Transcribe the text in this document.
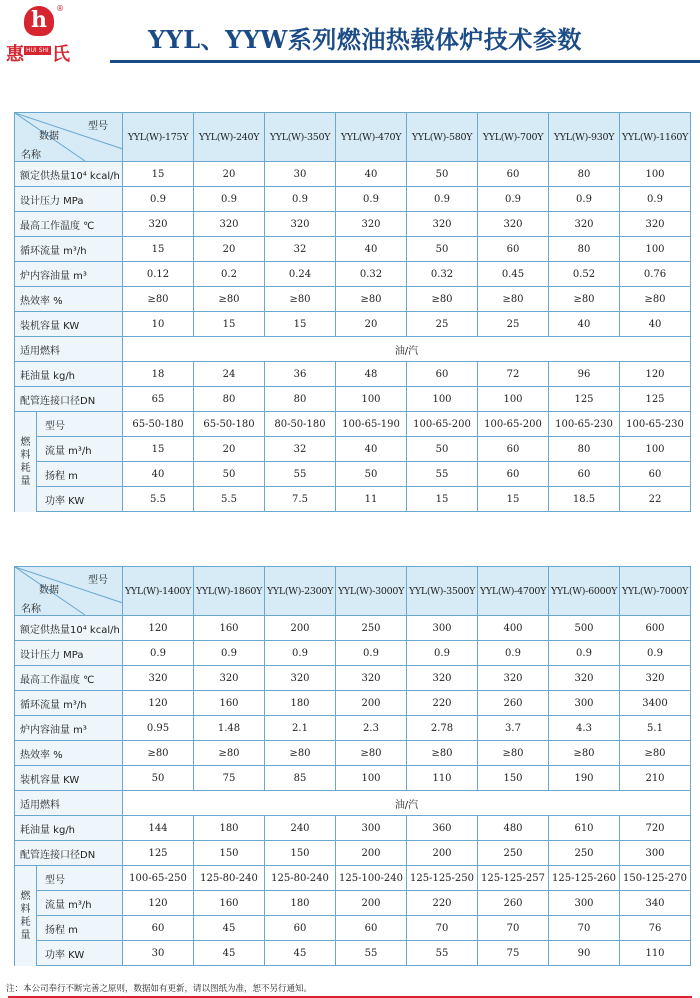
h	®
惠 HUI SHI 氏
YYL、YYW系列燃油热载体炉技术参数
型号
数据
名称	YYL(W)-175Y	YYL(W)-240Y	YYL(W)-350Y	YYL(W)-470Y	YYL(W)-580Y	YYL(W)-700Y	YYL(W)-930Y	YYL(W)-1160Y
额定供热量10⁴ kcal/h	15	20	30	40	50	60	80	100
设计压力 MPa	0.9	0.9	0.9	0.9	0.9	0.9	0.9	0.9
最高工作温度 ℃	320	320	320	320	320	320	320	320
循环流量 m³/h	15	20	32	40	50	60	80	100
炉内容油量 m³	0.12	0.2	0.24	0.32	0.32	0.45	0.52	0.76
热效率 %	≥80	≥80	≥80	≥80	≥80	≥80	≥80	≥80
装机容量 KW	10	15	15	20	25	25	40	40
适用燃料	油/汽							
耗油量 kg/h	18	24	36	48	60	72	96	120
配管连接口径DN	65	80	80	100	100	100	125	125

燃
料
耗
量
型号	65-50-180	65-50-180	80-50-180	100-65-190	100-65-200	100-65-200	100-65-230	100-65-230
流量 m³/h	15	20	32	40	50	60	80	100
扬程 m	40	50	55	50	55	60	60	60
功率 KW	5.5	5.5	7.5	11	15	15	18.5	22
型号
数据
名称	YYL(W)-1400Y	YYL(W)-1860Y	YYL(W)-2300Y	YYL(W)-3000Y	YYL(W)-3500Y	YYL(W)-4700Y	YYL(W)-6000Y	YYL(W)-7000Y
额定供热量10⁴ kcal/h	120	160	200	250	300	400	500	600
设计压力 MPa	0.9	0.9	0.9	0.9	0.9	0.9	0.9	0.9
最高工作温度 ℃	320	320	320	320	320	320	320	320
循环流量 m³/h	120	160	180	200	220	260	300	3400
炉内容油量 m³	0.95	1.48	2.1	2.3	2.78	3.7	4.3	5.1
热效率 %	≥80	≥80	≥80	≥80	≥80	≥80	≥80	≥80
装机容量 KW	50	75	85	100	110	150	190	210
适用燃料	油/汽							
耗油量 kg/h	144	180	240	300	360	480	610	720
配管连接口径DN	125	150	150	200	200	250	250	300

燃
料
耗
量
型号	100-65-250	125-80-240	125-80-240	125-100-240	125-125-250	125-125-257	125-125-260	150-125-270
流量 m³/h	120	160	180	200	220	260	300	340
扬程 m	60	45	60	60	70	70	70	76
功率 KW	30	45	45	55	55	75	90	110
注：本公司奉行不断完善之原则，数据如有更新，请以图纸为准，恕不另行通知。
